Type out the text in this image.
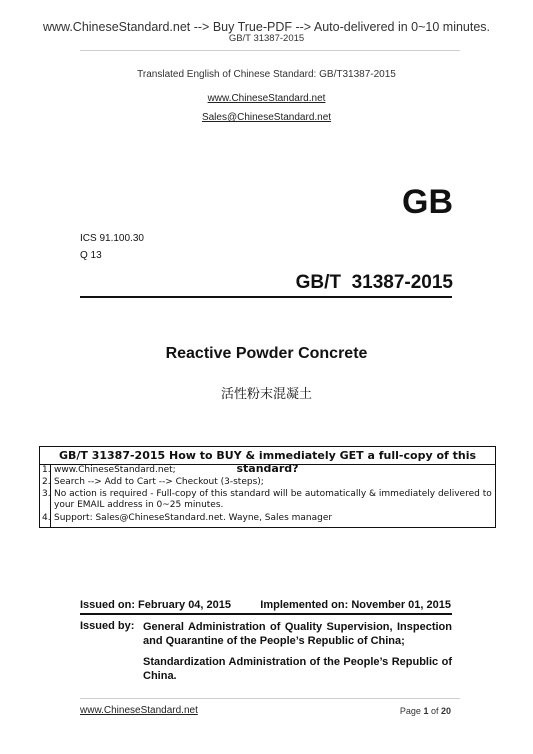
www.ChineseStandard.net --> Buy True-PDF --> Auto-delivered in 0~10 minutes.
GB/T 31387-2015
Translated English of Chinese Standard: GB/T31387-2015
www.ChineseStandard.net
Sales@ChineseStandard.net
GB
ICS 91.100.30
Q 13
GB/T  31387-2015
Reactive Powder Concrete
活性粉末混凝土
GB/T 31387-2015 How to BUY & immediately GET a full-copy of this standard?
1. www.ChineseStandard.net;
2. Search --> Add to Cart --> Checkout (3-steps);
3. No action is required - Full-copy of this standard will be automatically & immediately delivered to your EMAIL address in 0~25 minutes.
4. Support: Sales@ChineseStandard.net. Wayne, Sales manager
Issued on: February 04, 2015	Implemented on: November 01, 2015
Issued by: General Administration of Quality Supervision, Inspection and Quarantine of the People’s Republic of China;
Standardization Administration of the People’s Republic of China.
www.ChineseStandard.net	Page 1 of 20
